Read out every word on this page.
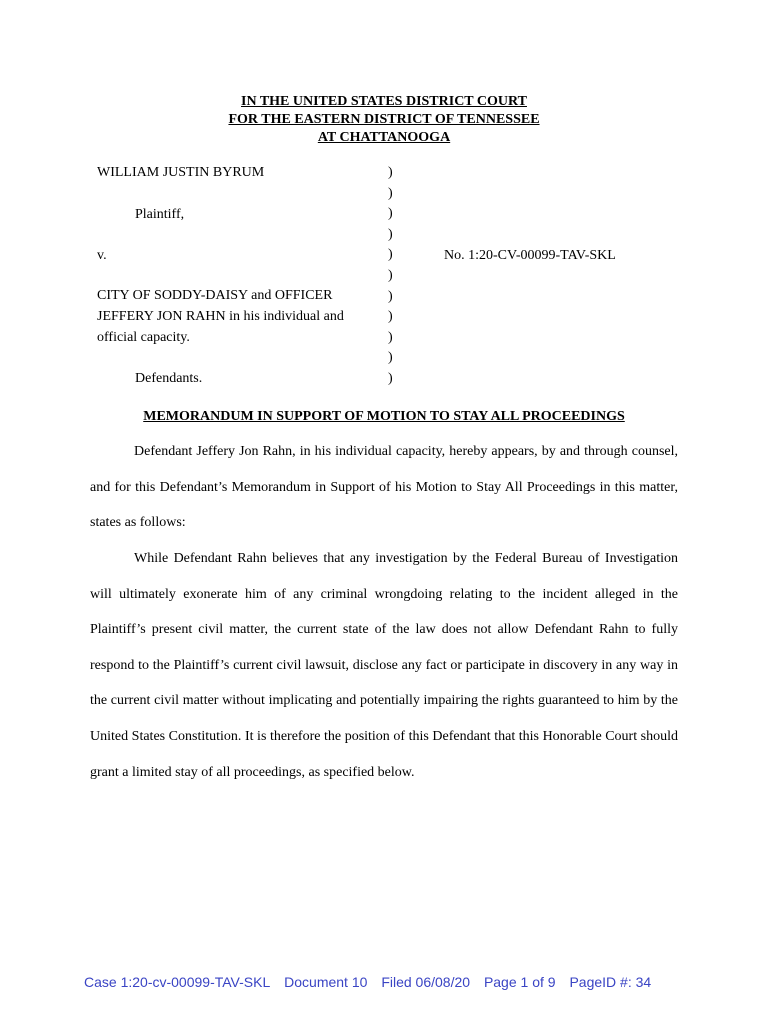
IN THE UNITED STATES DISTRICT COURT
FOR THE EASTERN DISTRICT OF TENNESSEE
AT CHATTANOOGA
WILLIAM JUSTIN BYRUM
Plaintiff,
v.
CITY OF SODDY-DAISY and OFFICER
JEFFERY JON RAHN in his individual and
official capacity.
Defendants.
No. 1:20-CV-00099-TAV-SKL
)
)
)
)
)
)
)
)
)
)
)
MEMORANDUM IN SUPPORT OF MOTION TO STAY ALL PROCEEDINGS

Defendant Jeffery Jon Rahn, in his individual capacity, hereby appears, by and through counsel, and for this Defendant’s Memorandum in Support of his Motion to Stay All Proceedings in this matter, states as follows:

While Defendant Rahn believes that any investigation by the Federal Bureau of Investigation will ultimately exonerate him of any criminal wrongdoing relating to the incident alleged in the Plaintiff’s present civil matter, the current state of the law does not allow Defendant Rahn to fully respond to the Plaintiff’s current civil lawsuit, disclose any fact or participate in discovery in any way in the current civil matter without implicating and potentially impairing the rights guaranteed to him by the United States Constitution. It is therefore the position of this Defendant that this Honorable Court should grant a limited stay of all proceedings, as specified below.

Case 1:20-cv-00099-TAV-SKL Document 10 Filed 06/08/20 Page 1 of 9 PageID #: 34
